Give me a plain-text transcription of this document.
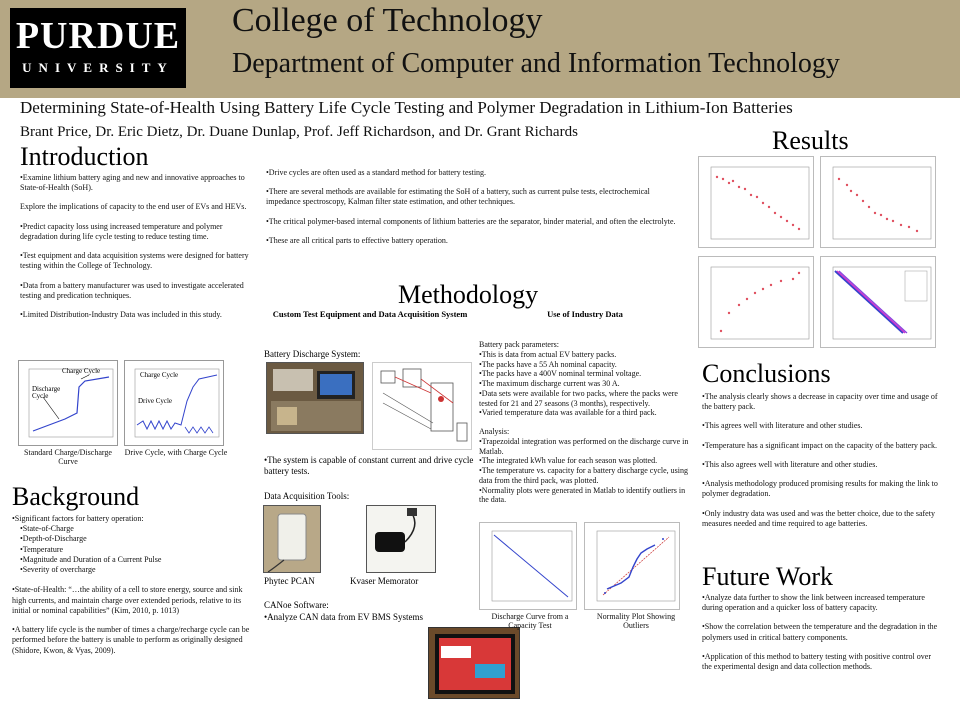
PURDUE
UNIVERSITY
College of Technology
Department of Computer and Information Technology
Determining State-of-Health Using Battery Life Cycle Testing and Polymer Degradation in Lithium-Ion Batteries
Brant Price, Dr. Eric Dietz, Dr. Duane Dunlap, Prof. Jeff Richardson, and Dr. Grant Richards
Introduction

•Examine lithium battery aging and new and innovative approaches to State-of-Health (SoH).

Explore the implications of capacity to the end user of EVs and HEVs.

•Predict capacity loss using increased temperature and polymer degradation during life cycle testing to reduce testing time.

•Test equipment and data acquisition systems were designed for battery testing within the College of Technology.

•Data from a battery manufacturer was used to investigate accelerated testing and predication techniques.

•Limited Distribution-Industry Data was included in this study.

Charge Cycle
Discharge Cycle
Standard Charge/Discharge Curve
Charge Cycle
Drive Cycle
Drive Cycle, with Charge Cycle
Background
•Significant factors for battery operation:
•State-of-Charge
•Depth-of-Discharge
•Temperature
•Magnitude and Duration of a Current Pulse
•Severity of overcharge

•State-of-Health: “…the ability of a cell to store energy, source and sink high currents, and maintain charge over extended periods, relative to its initial or nominal capabilities” (Kim, 2010, p. 1013)

•A battery life cycle is the number of times a charge/recharge cycle can be performed before the battery is unable to perform as originally designed (Shidore, Kwon, & Vyas, 2009).

•Drive cycles are often used as a standard method for battery testing.

•There are several methods are available for estimating the SoH of a battery, such as current pulse tests, electrochemical impedance spectroscopy, Kalman filter state estimation, and other techniques.

•The critical polymer-based internal components of lithium batteries are the separator, binder material, and often the electrolyte.

•These are all critical parts to effective battery operation.

Methodology
Custom Test Equipment and Data Acquisition System	Use of Industry Data
Battery Discharge System:
•The system is capable of constant current and drive cycle battery tests.
Data Acquisition Tools:
Phytec PCAN	Kvaser Memorator
CANoe Software:
•Analyze CAN data from EV BMS Systems
Battery pack parameters:
•This is data from actual EV battery packs.
•The packs have a 55 Ah nominal capacity.
•The packs have a 400V nominal terminal voltage.
•The maximum discharge current was 30 A.
•Data sets were available for two packs, where the packs were tested for 21 and 27 seasons (3 months), respectively.
•Varied temperature data was available for a third pack.
Analysis:
•Trapezoidal integration was performed on the discharge curve in Matlab.
•The integrated kWh value for each season was plotted.
•The temperature vs. capacity for a battery discharge cycle, using data from the third pack, was plotted.
•Normality plots were generated in Matlab to identify outliers in the data.
Discharge Curve from a Capacity Test
Normality Plot Showing Outliers
Results
Conclusions

•The analysis clearly shows a decrease in capacity over time and usage of the battery pack.

•This agrees well with literature and other studies.

•Temperature has a significant impact on the capacity of the battery pack.

•This also agrees well with literature and other studies.

•Analysis methodology produced promising results for making the link to polymer degradation.

•Only industry data was used and was the better choice, due to the safety measures needed and time required to age batteries.

Future Work

•Analyze data further to show the link between increased temperature during operation and a quicker loss of battery capacity.

•Show the correlation between the temperature and the degradation in the polymers used in critical battery components.

•Application of this method to battery testing with positive control over the experimental design and data collection methods.
